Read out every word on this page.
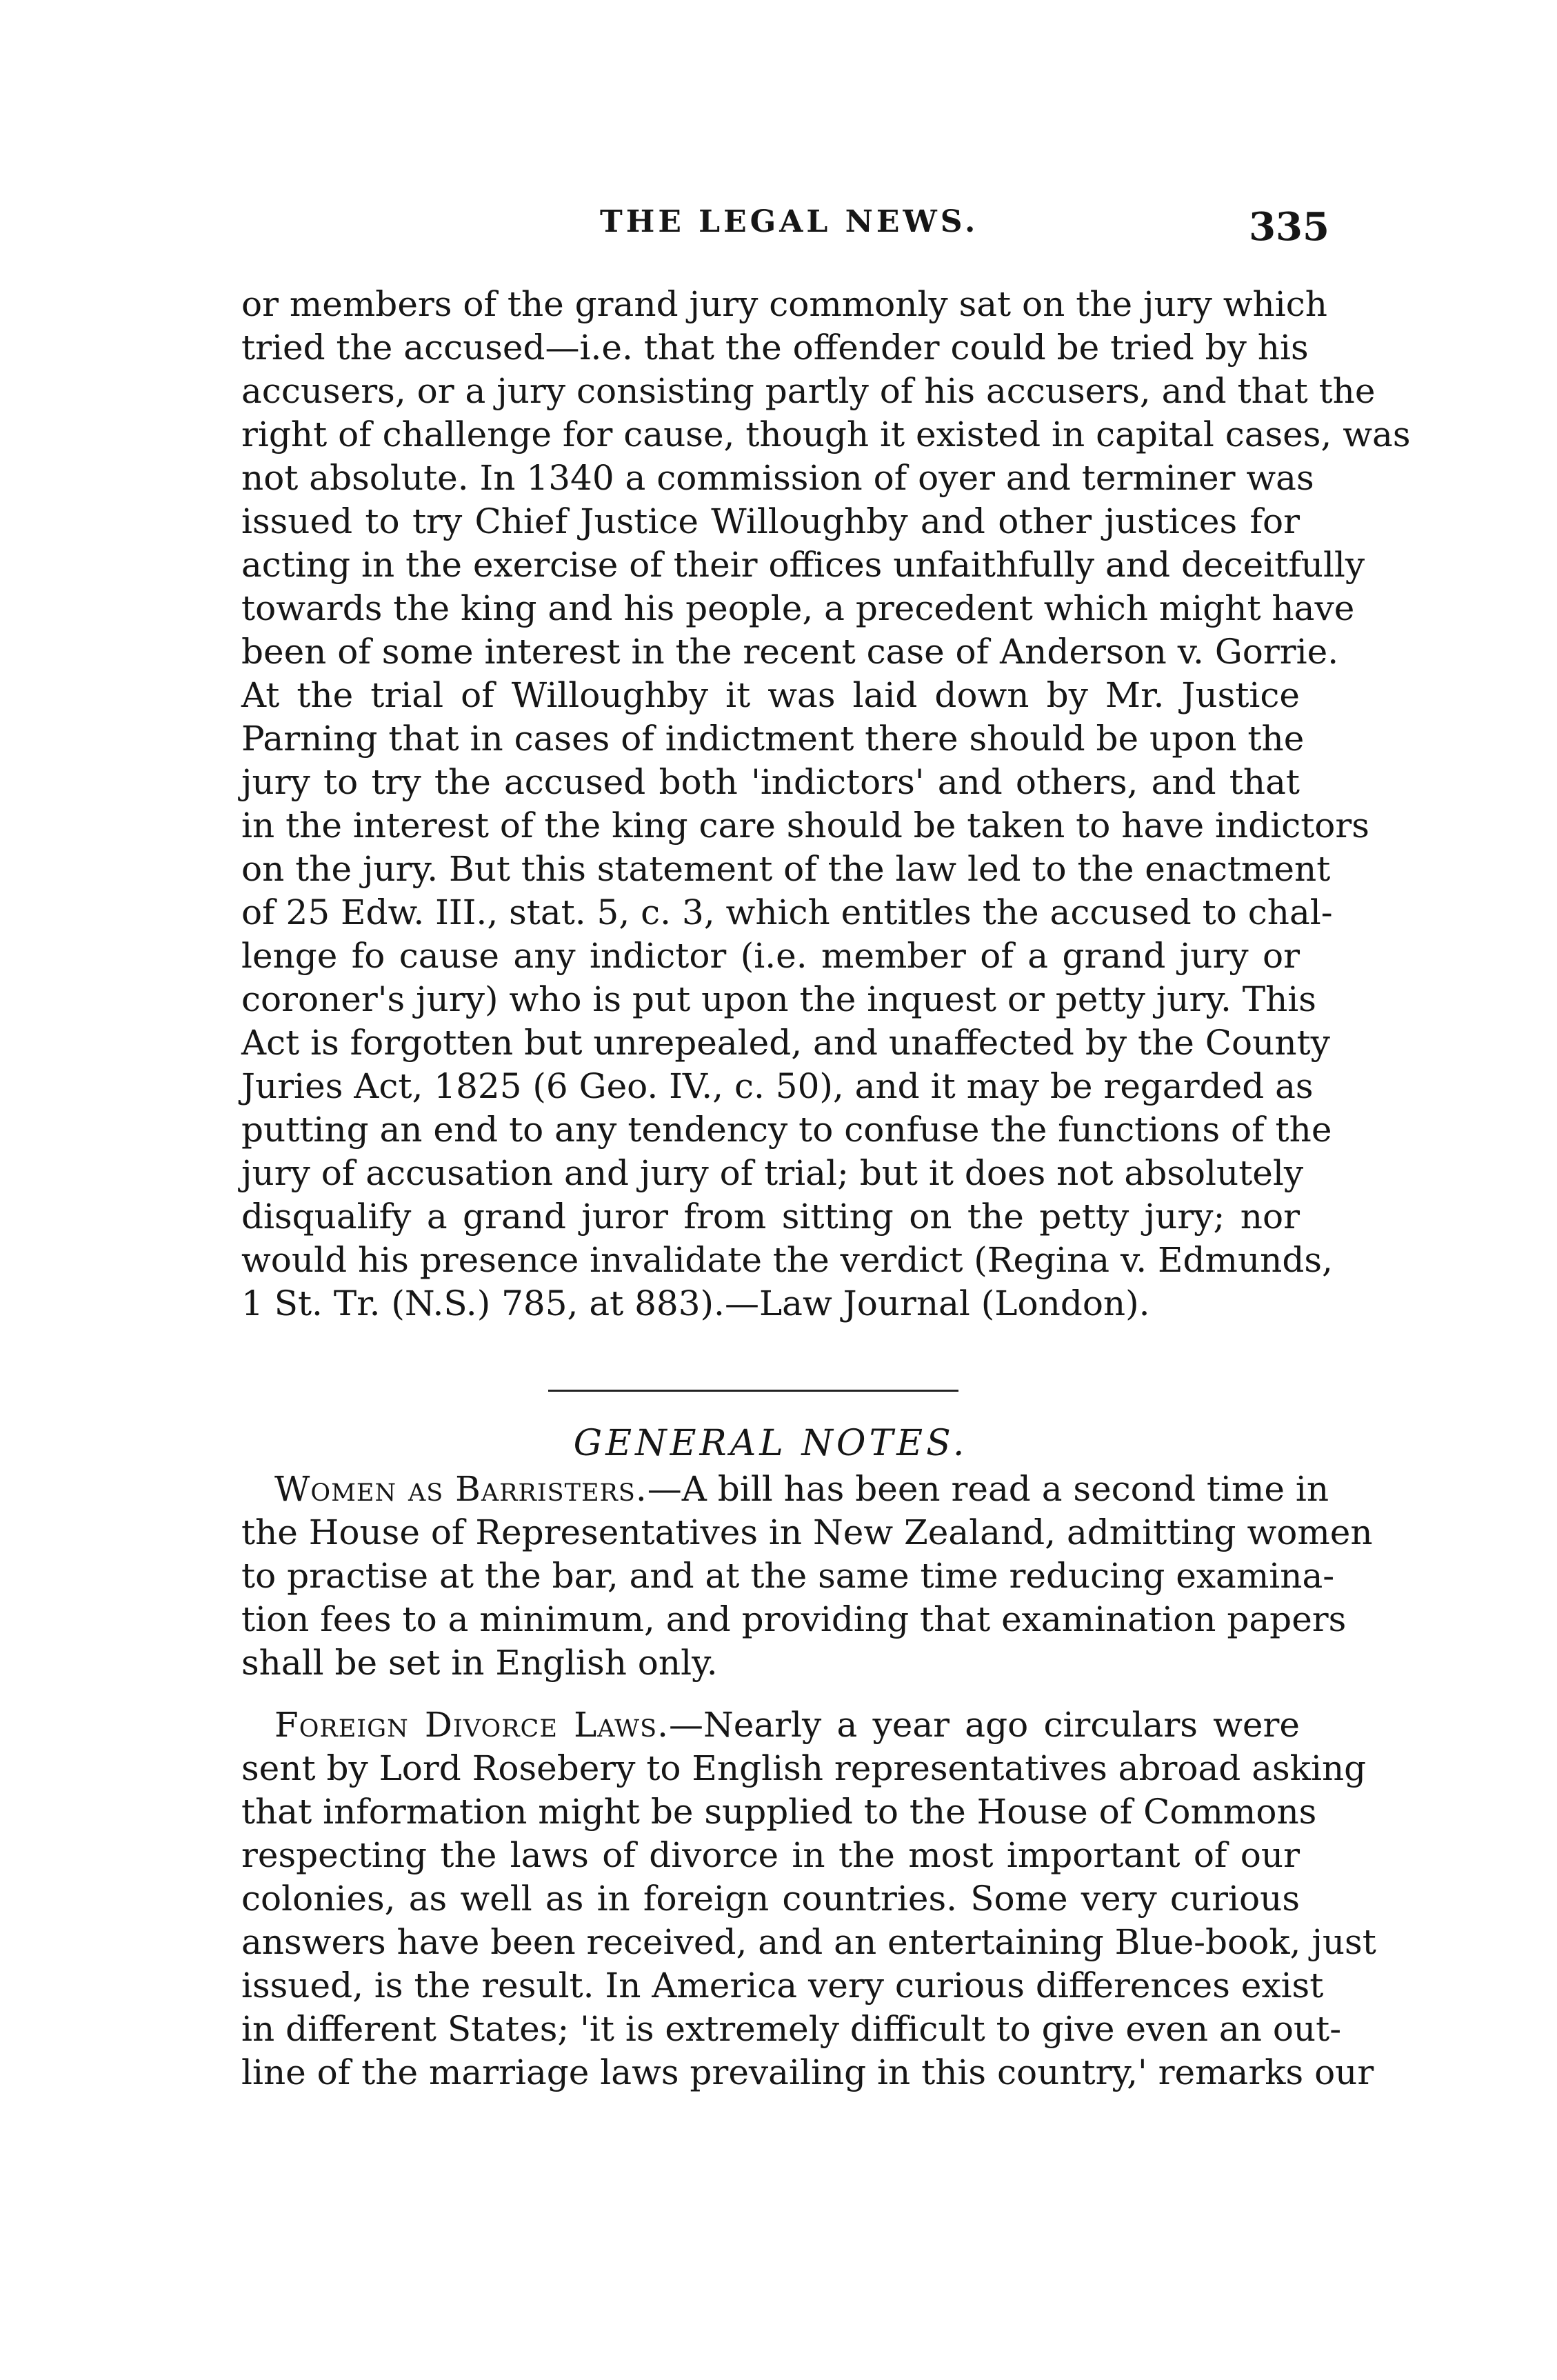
THE LEGAL NEWS.	335
or members of the grand jury commonly sat on the jury which
tried the accused—i.e. that the offender could be tried by his
accusers, or a jury consisting partly of his accusers, and that the
right of challenge for cause, though it existed in capital cases, was
not absolute. In 1340 a commission of oyer and terminer was
issued to try Chief Justice Willoughby and other justices for
acting in the exercise of their offices unfaithfully and deceitfully
towards the king and his people, a precedent which might have
been of some interest in the recent case of Anderson v. Gorrie.
At the trial of Willoughby it was laid down by Mr. Justice
Parning that in cases of indictment there should be upon the
jury to try the accused both 'indictors' and others, and that
in the interest of the king care should be taken to have indictors
on the jury. But this statement of the law led to the enactment
of 25 Edw. III., stat. 5, c. 3, which entitles the accused to chal-
lenge fo cause any indictor (i.e. member of a grand jury or
coroner's jury) who is put upon the inquest or petty jury. This
Act is forgotten but unrepealed, and unaffected by the County
Juries Act, 1825 (6 Geo. IV., c. 50), and it may be regarded as
putting an end to any tendency to confuse the functions of the
jury of accusation and jury of trial; but it does not absolutely
disqualify a grand juror from sitting on the petty jury; nor
would his presence invalidate the verdict (Regina v. Edmunds,
1 St. Tr. (N.S.) 785, at 883).—Law Journal (London).
GENERAL NOTES.
Women as Barristers.—A bill has been read a second time in
the House of Representatives in New Zealand, admitting women
to practise at the bar, and at the same time reducing examina-
tion fees to a minimum, and providing that examination papers
shall be set in English only.
Foreign Divorce Laws.—Nearly a year ago circulars were
sent by Lord Rosebery to English representatives abroad asking
that information might be supplied to the House of Commons
respecting the laws of divorce in the most important of our
colonies, as well as in foreign countries. Some very curious
answers have been received, and an entertaining Blue-book, just
issued, is the result. In America very curious differences exist
in different States; 'it is extremely difficult to give even an out-
line of the marriage laws prevailing in this country,' remarks our
